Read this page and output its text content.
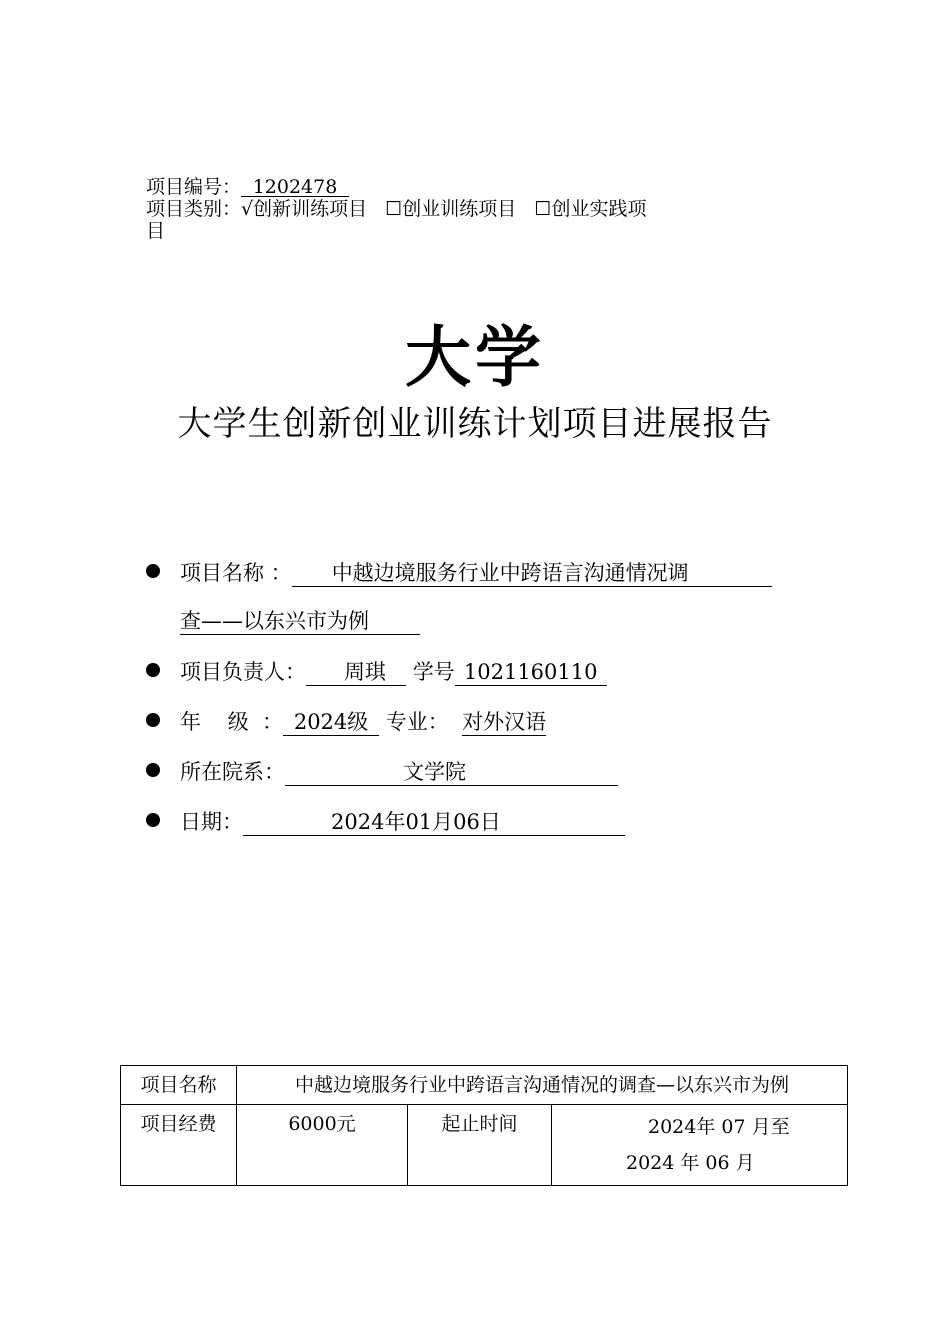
项目编号： 1202478
项目类别：√创新训练项目 ☐创业训练项目 ☐创业实践项
目
大学
大学生创新创业训练计划项目进展报告
项目名称 ： 中越边境服务行业中跨语言沟通情况调
查——以东兴市为例
项目负责人： 周琪 学号 1021160110
年    级  ： 2024级 专业： 对外汉语
所在院系：	文学院
日期：	2024年01月06日
项目名称	中越边境服务行业中跨语言沟通情况的调查—以东兴市为例		
项目经费	6000元	起止时间	2024年 07 月至
2024 年 06 月
